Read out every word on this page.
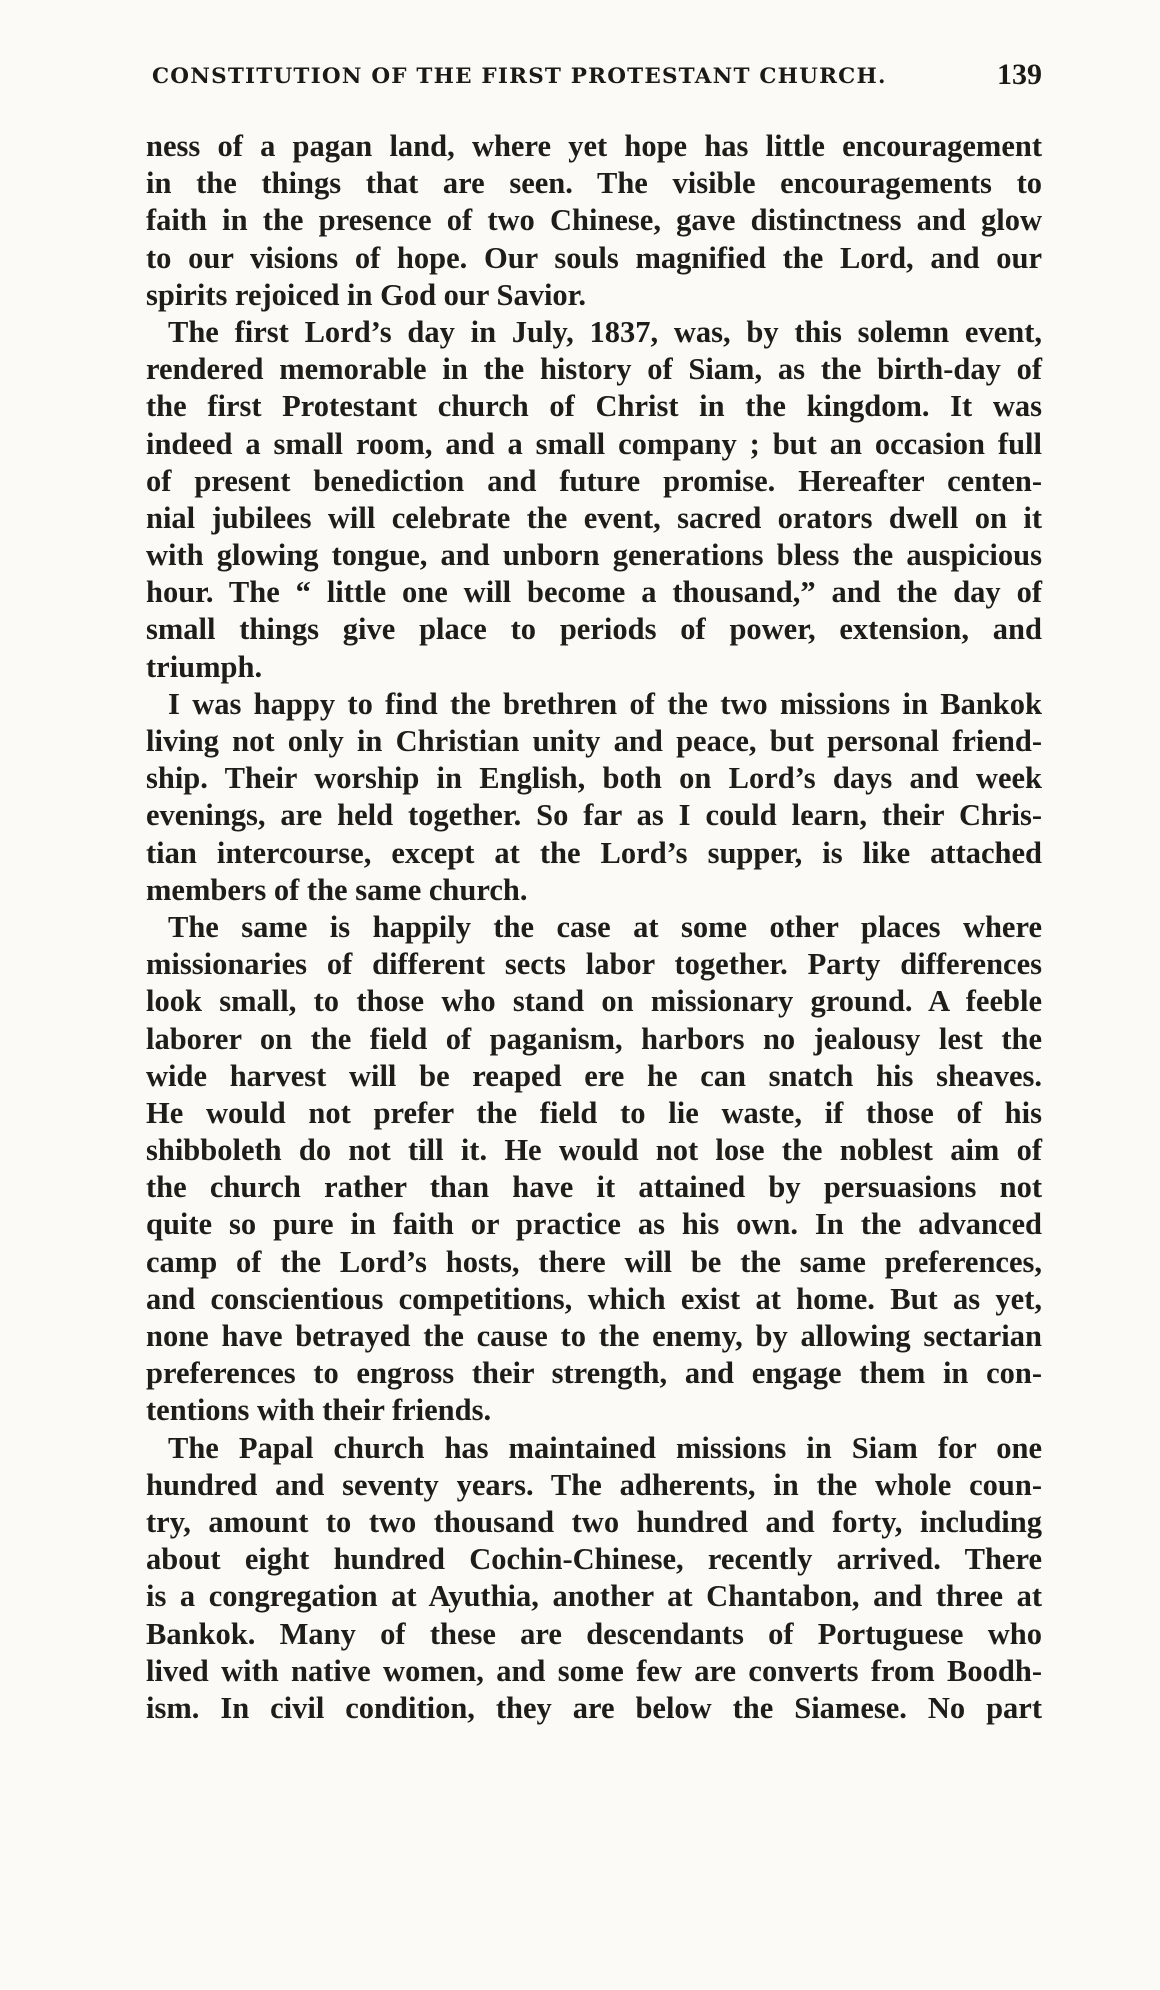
CONSTITUTION OF THE FIRST PROTESTANT CHURCH.	139
ness of a pagan land, where yet hope has little encouragement
in the things that are seen. The visible encouragements to
faith in the presence of two Chinese, gave distinctness and glow
to our visions of hope. Our souls magnified the Lord, and our
spirits rejoiced in God our Savior.
The first Lord’s day in July, 1837, was, by this solemn event,
rendered memorable in the history of Siam, as the birth-day of
the first Protestant church of Christ in the kingdom. It was
indeed a small room, and a small company ; but an occasion full
of present benediction and future promise. Hereafter centen-
nial jubilees will celebrate the event, sacred orators dwell on it
with glowing tongue, and unborn generations bless the auspicious
hour. The “ little one will become a thousand,” and the day of
small things give place to periods of power, extension, and
triumph.
I was happy to find the brethren of the two missions in Bankok
living not only in Christian unity and peace, but personal friend-
ship. Their worship in English, both on Lord’s days and week
evenings, are held together. So far as I could learn, their Chris-
tian intercourse, except at the Lord’s supper, is like attached
members of the same church.
The same is happily the case at some other places where
missionaries of different sects labor together. Party differences
look small, to those who stand on missionary ground. A feeble
laborer on the field of paganism, harbors no jealousy lest the
wide harvest will be reaped ere he can snatch his sheaves.
He would not prefer the field to lie waste, if those of his
shibboleth do not till it. He would not lose the noblest aim of
the church rather than have it attained by persuasions not
quite so pure in faith or practice as his own. In the advanced
camp of the Lord’s hosts, there will be the same preferences,
and conscientious competitions, which exist at home. But as yet,
none have betrayed the cause to the enemy, by allowing sectarian
preferences to engross their strength, and engage them in con-
tentions with their friends.
The Papal church has maintained missions in Siam for one
hundred and seventy years. The adherents, in the whole coun-
try, amount to two thousand two hundred and forty, including
about eight hundred Cochin-Chinese, recently arrived. There
is a congregation at Ayuthia, another at Chantabon, and three at
Bankok. Many of these are descendants of Portuguese who
lived with native women, and some few are converts from Boodh-
ism. In civil condition, they are below the Siamese. No part
